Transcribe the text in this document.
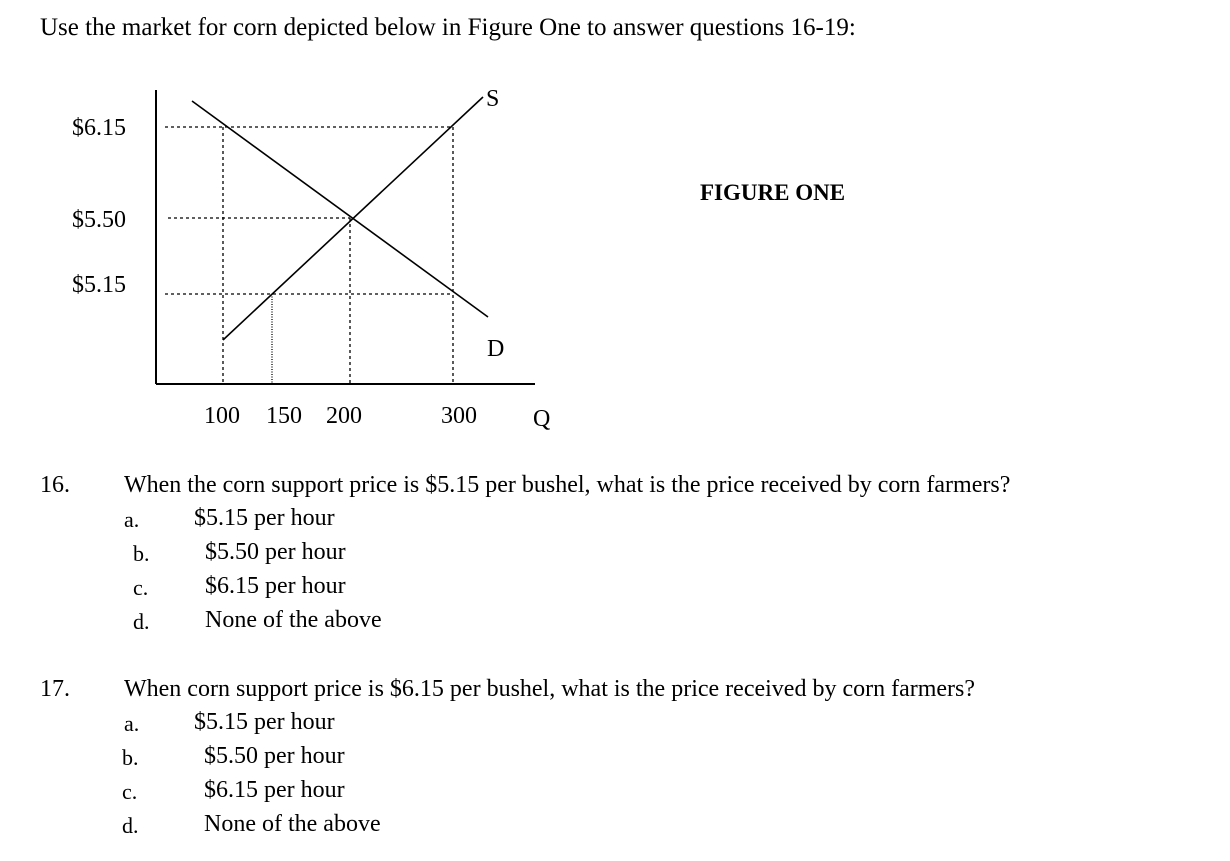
Use the market for corn depicted below in Figure One to answer questions 16-19:
$6.15
$5.50
$5.15
100 150 200	300 Q
S
D
FIGURE ONE
16. When the corn support price is $5.15 per bushel, what is the price received by corn farmers?
a. $5.15 per hour
b. $5.50 per hour
c. $6.15 per hour
d. None of the above
17. When corn support price is $6.15 per bushel, what is the price received by corn farmers?
a. $5.15 per hour
b.	$5.50 per hour
c.	$6.15 per hour
d.	None of the above
